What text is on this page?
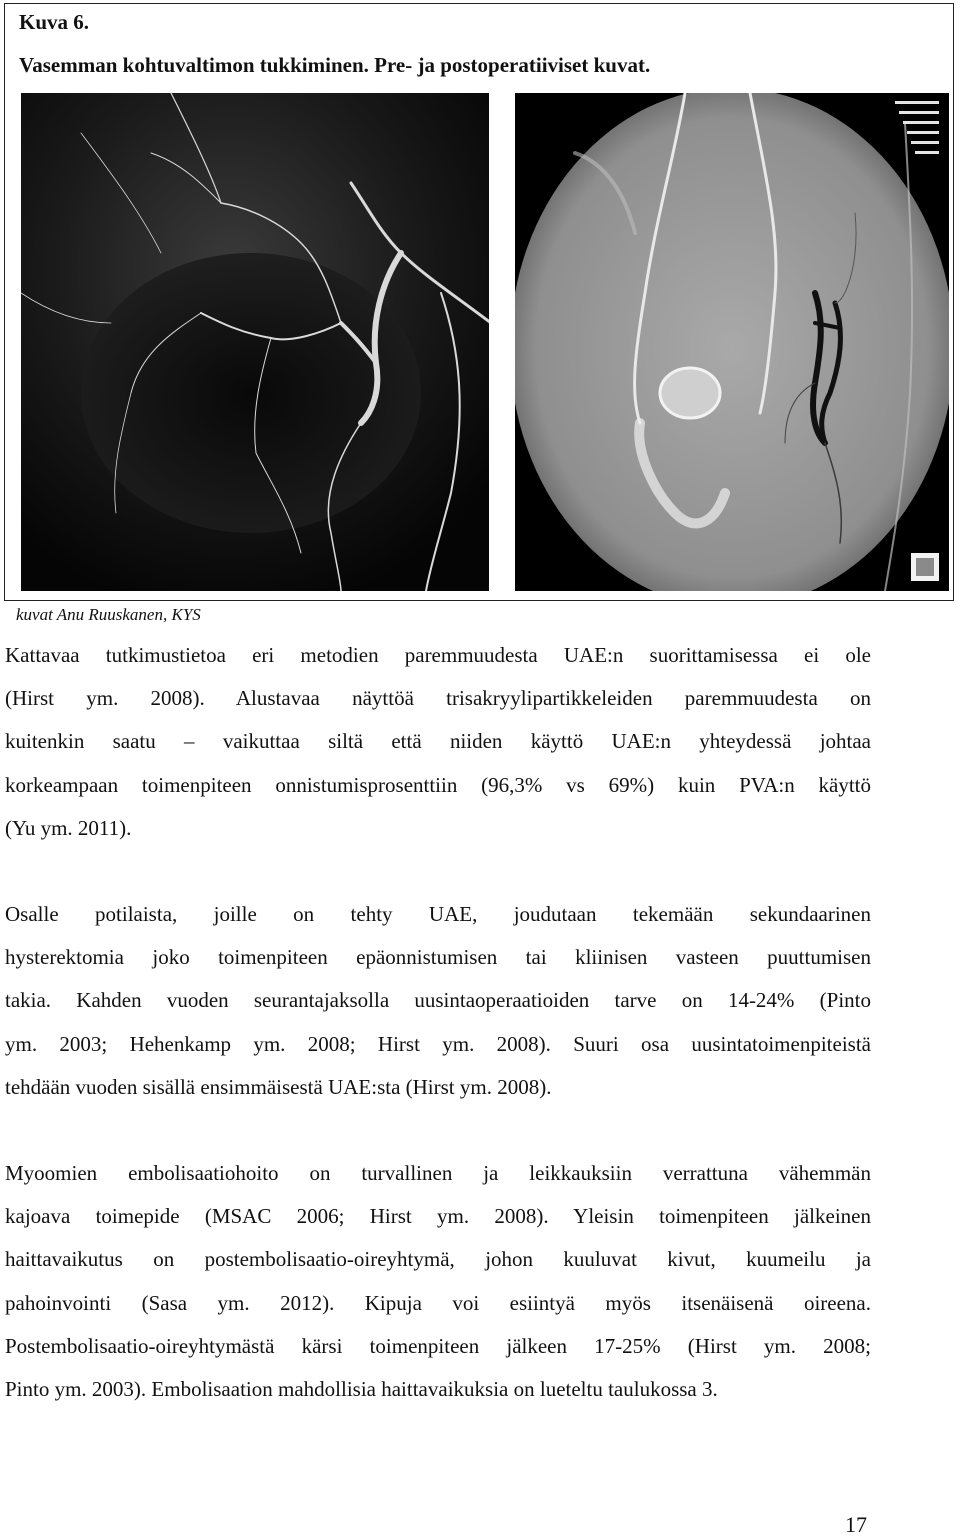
Kuva 6.
Vasemman kohtuvaltimon tukkiminen. Pre- ja postoperatiiviset kuvat.
kuvat Anu Ruuskanen, KYS
Kattavaa tutkimustietoa eri metodien paremmuudesta UAE:n suorittamisessa ei ole
(Hirst ym. 2008). Alustavaa näyttöä trisakryylipartikkeleiden paremmuudesta on
kuitenkin saatu – vaikuttaa siltä että niiden käyttö UAE:n yhteydessä johtaa
korkeampaan toimenpiteen onnistumisprosenttiin (96,3% vs 69%) kuin PVA:n käyttö
(Yu ym. 2011).
Osalle potilaista, joille on tehty UAE, joudutaan tekemään sekundaarinen
hysterektomia joko toimenpiteen epäonnistumisen tai kliinisen vasteen puuttumisen
takia. Kahden vuoden seurantajaksolla uusintaoperaatioiden tarve on 14-24% (Pinto
ym. 2003; Hehenkamp ym. 2008; Hirst ym. 2008). Suuri osa uusintatoimenpiteistä
tehdään vuoden sisällä ensimmäisestä UAE:sta (Hirst ym. 2008).
Myoomien embolisaatiohoito on turvallinen ja leikkauksiin verrattuna vähemmän
kajoava toimepide (MSAC 2006; Hirst ym. 2008). Yleisin toimenpiteen jälkeinen
haittavaikutus on postembolisaatio-oireyhtymä, johon kuuluvat kivut, kuumeilu ja
pahoinvointi (Sasa ym. 2012). Kipuja voi esiintyä myös itsenäisenä oireena.
Postembolisaatio-oireyhtymästä kärsi toimenpiteen jälkeen 17-25% (Hirst ym. 2008;
Pinto ym. 2003). Embolisaation mahdollisia haittavaikuksia on lueteltu taulukossa 3.
17
